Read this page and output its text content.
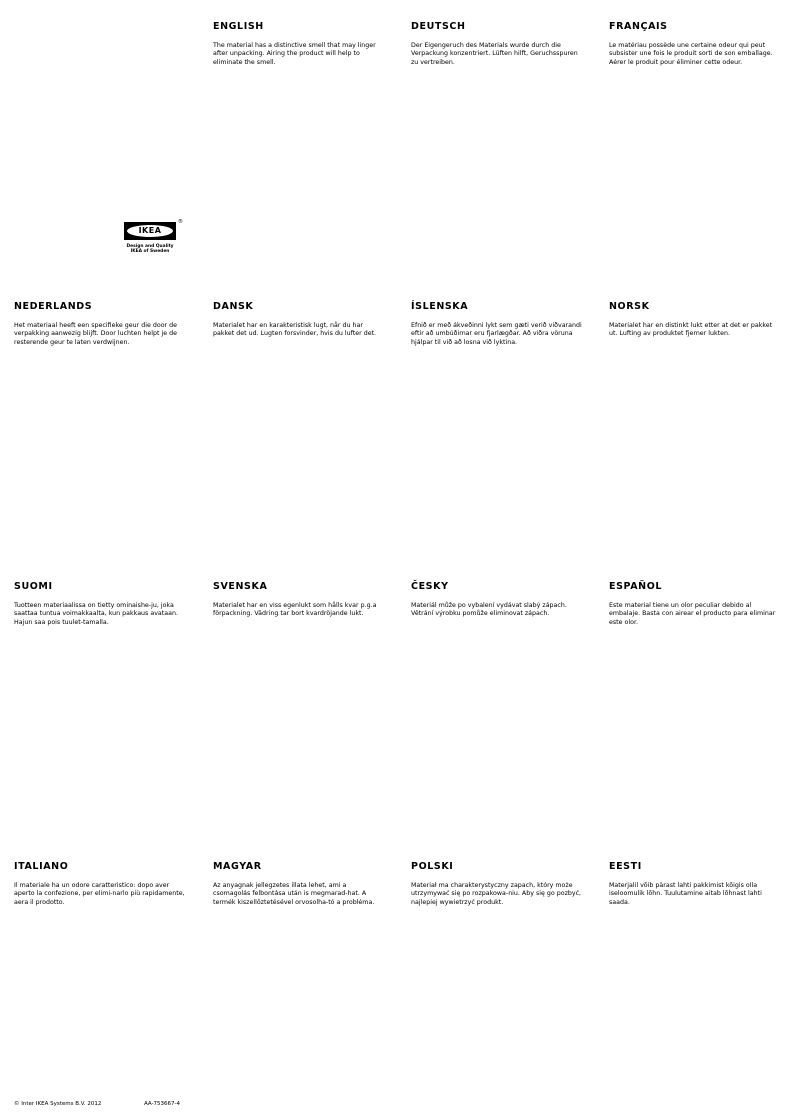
ENGLISH

The material has a distinctive smell that may linger after unpacking. Airing the product will help to eliminate the smell.

DEUTSCH

Der Eigengeruch des Materials wurde durch die Verpackung konzentriert. Lüften hilft, Geruchsspuren zu vertreiben.

FRANÇAIS

Le matériau possède une certaine odeur qui peut subsister une fois le produit sorti de son emballage. Aérer le produit pour éliminer cette odeur.

IKEA
®
Design and Quality
IKEA of Sweden

NEDERLANDS

Het materiaal heeft een specifieke geur die door de verpakking aanwezig blijft. Door luchten helpt je de resterende geur te laten verdwijnen.

DANSK

Materialet har en karakteristisk lugt, når du har pakket det ud. Lugten forsvinder, hvis du lufter det.

ÍSLENSKA

Efnið er með ákveðinni lykt sem gæti verið viðvarandi eftir að umbúðirnar eru fjarlægðar. Að viðra vöruna hjálpar til við að losna við lyktina.

NORSK

Materialet har en distinkt lukt etter at det er pakket ut. Lufting av produktet fjerner lukten.

SUOMI

Tuotteen materiaalissa on tietty ominaishe-ju, joka saattaa tuntua voimakkaalta, kun pakkaus avataan. Hajun saa pois tuulet-tamalla.

SVENSKA

Materialet har en viss egenlukt som hålls kvar p.g.a förpackning. Vädring tar bort kvardröjande lukt.

ČESKY

Materiál může po vybalení vydávat slabý zápach. Větrání výrobku pomůže eliminovat zápach.

ESPAÑOL

Este material tiene un olor peculiar debido al embalaje. Basta con airear el producto para eliminar este olor.

ITALIANO

Il materiale ha un odore caratteristico: dopo aver aperto la confezione, per elimi-narlo più rapidamente, aera il prodotto.

MAGYAR

Az anyagnak jellegzetes illata lehet, ami a csomagolás felbontása után is megmarad-hat. A termék kiszellőztetésével orvosolha-tó a probléma.

POLSKI

Materiał ma charakterystyczny zapach, który może utrzymywać się po rozpakowa-niu. Aby się go pozbyć, najlepiej wywietrzyć produkt.

EESTI

Materjalil võib pärast lahti pakkimist kõigis olla iseloomulik lõhn. Tuulutamine aitab lõhnast lahti saada.

© Inter IKEA Systems B.V. 2012	AA-753667-4
